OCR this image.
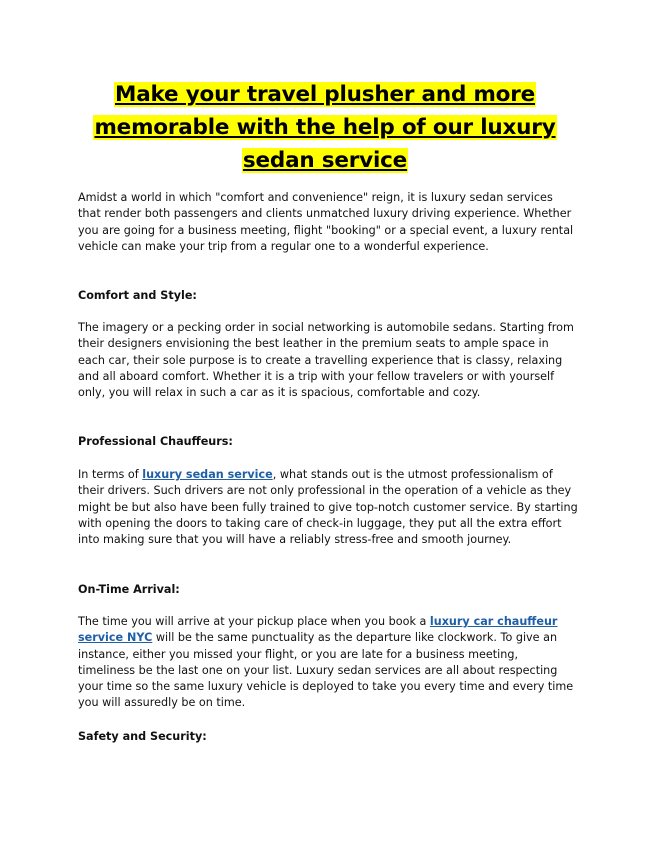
Make your travel plusher and more memorable with the help of our luxury sedan service

Amidst a world in which "comfort and convenience" reign, it is luxury sedan services that render both passengers and clients unmatched luxury driving experience. Whether you are going for a business meeting, flight "booking" or a special event, a luxury rental vehicle can make your trip from a regular one to a wonderful experience.

Comfort and Style:

The imagery or a pecking order in social networking is automobile sedans. Starting from their designers envisioning the best leather in the premium seats to ample space in each car, their sole purpose is to create a travelling experience that is classy, relaxing and all aboard comfort. Whether it is a trip with your fellow travelers or with yourself only, you will relax in such a car as it is spacious, comfortable and cozy.

Professional Chauffeurs:

In terms of luxury sedan service, what stands out is the utmost professionalism of their drivers. Such drivers are not only professional in the operation of a vehicle as they might be but also have been fully trained to give top-notch customer service. By starting with opening the doors to taking care of check-in luggage, they put all the extra effort into making sure that you will have a reliably stress-free and smooth journey.

On-Time Arrival:

The time you will arrive at your pickup place when you book a luxury car chauffeur service NYC will be the same punctuality as the departure like clockwork. To give an instance, either you missed your flight, or you are late for a business meeting, timeliness be the last one on your list. Luxury sedan services are all about respecting your time so the same luxury vehicle is deployed to take you every time and every time you will assuredly be on time.

Safety and Security:
